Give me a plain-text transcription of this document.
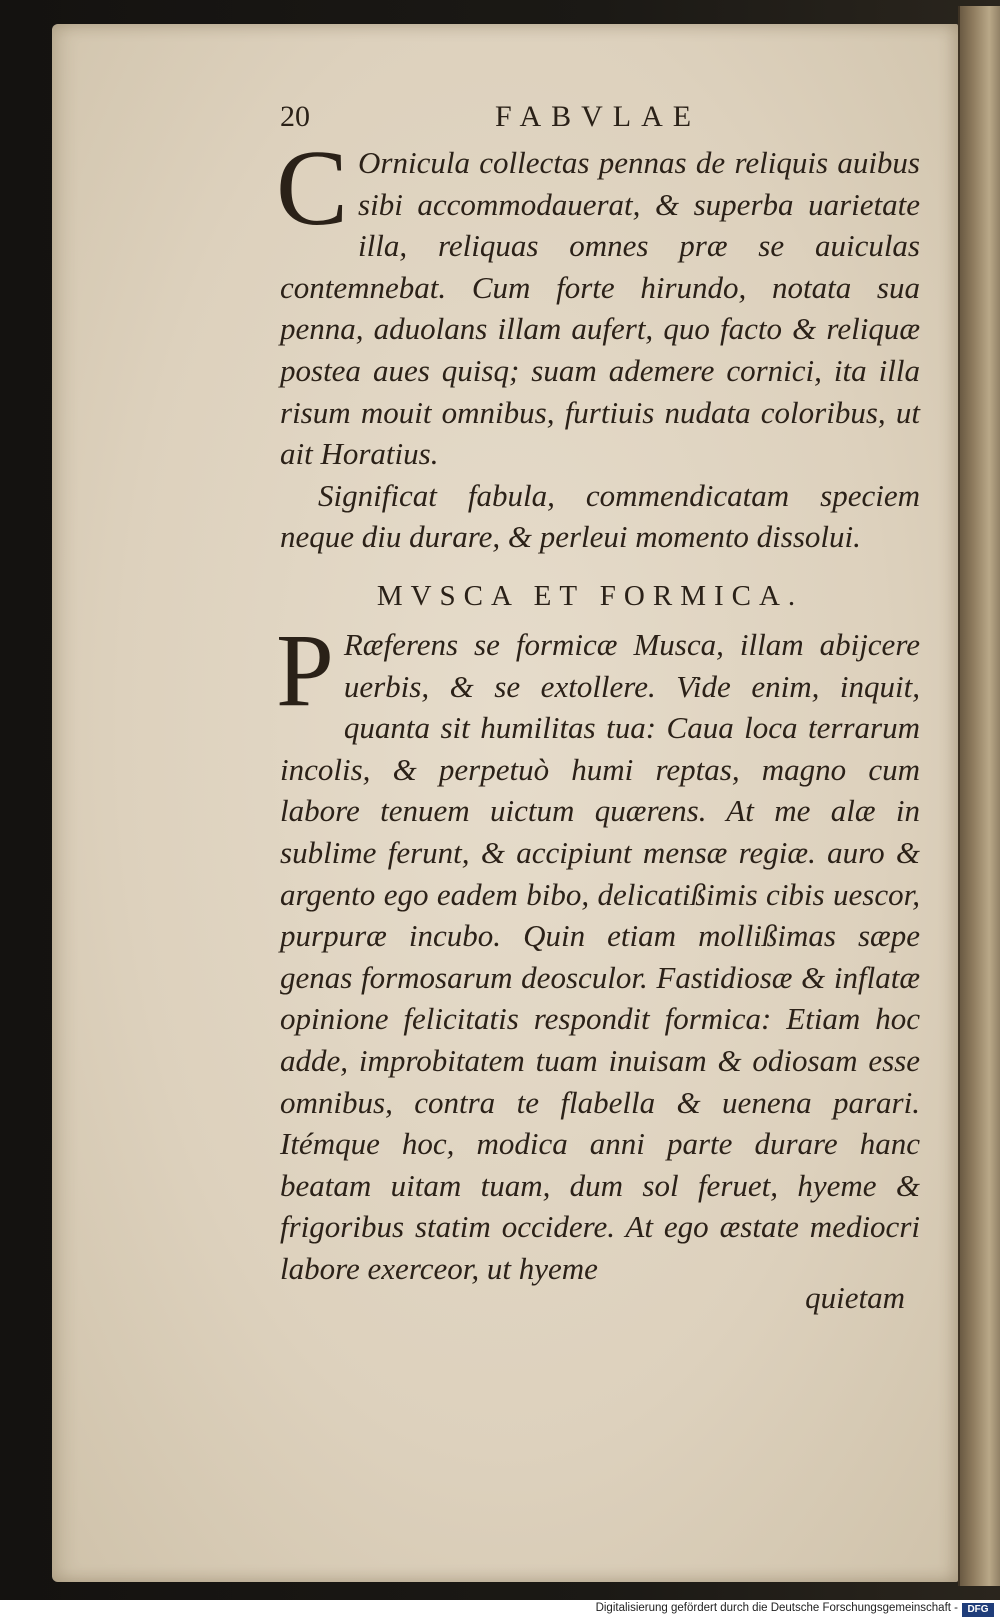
20	FABVLAE

C Ornicula collectas pennas de reliquis auibus sibi accommodauerat, & superba uarietate illa, reliquas omnes præ se auiculas contemnebat. Cum forte hirundo, notata sua penna, aduolans illam aufert, quo facto & reliquæ postea aues quisq; suam ademere cornici, ita illa risum mouit omnibus, furtiuis nudata coloribus, ut ait Horatius.

Significat fabula, commendicatam speciem neque diu durare, & perleui momento dissolui.

MVSCA ET FORMICA.

P Ræferens se formicæ Musca, illam abijcere uerbis, & se extollere. Vide enim, inquit, quanta sit humilitas tua: Caua loca terrarum incolis, & perpetuò humi reptas, magno cum labore tenuem uictum quærens. At me alæ in sublime ferunt, & accipiunt mensæ regiæ. auro & argento ego eadem bibo, delicatißimis cibis uescor, purpuræ incubo. Quin etiam mollißimas sæpe genas formosarum deosculor. Fastidiosæ & inflatæ opinione felicitatis respondit formica: Etiam hoc adde, improbitatem tuam inuisam & odiosam esse omnibus, contra te flabella & uenena parari. Itémque hoc, modica anni parte durare hanc beatam uitam tuam, dum sol feruet, hyeme & frigoribus statim occidere. At ego æstate mediocri labore exerceor, ut hyeme

quietam
Digitalisierung gefördert durch die Deutsche Forschungsgemeinschaft - DFG
